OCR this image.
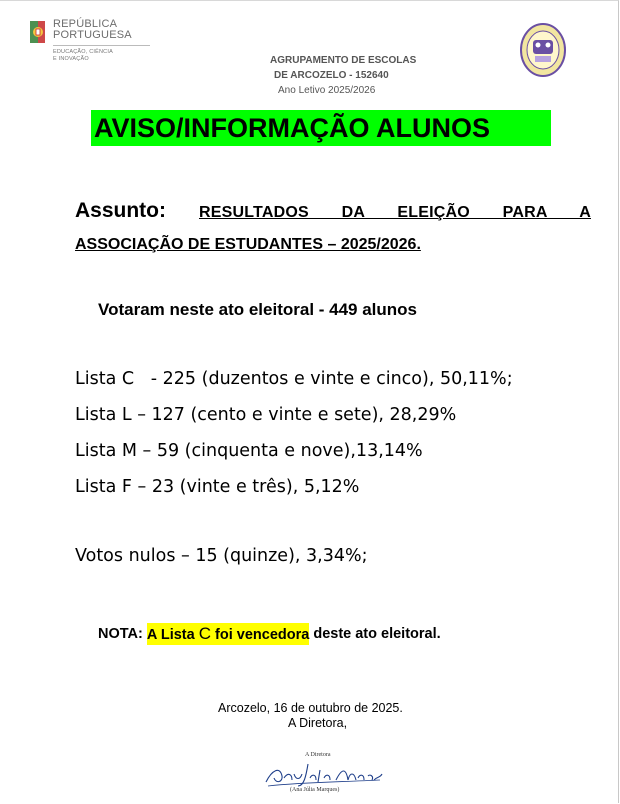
REPÚBLICA
PORTUGUESA
EDUCAÇÃO, CIÊNCIA
E INOVAÇÃO	AGRUPAMENTO DE ESCOLAS
DE ARCOZELO - 152640
Ano Letivo 2025/2026
AVISO/INFORMAÇÃO ALUNOS
Assunto: RESULTADOS DA ELEIÇÃO PARA A
ASSOCIAÇÃO DE ESTUDANTES – 2025/2026.
Votaram neste ato eleitoral - 449 alunos
Lista C   - 225 (duzentos e vinte e cinco), 50,11%;
Lista L – 127 (cento e vinte e sete), 28,29%
Lista M – 59 (cinquenta e nove),13,14%
Lista F – 23 (vinte e três), 5,12%
Votos nulos – 15 (quinze), 3,34%;
NOTA: A Lista C foi vencedora deste ato eleitoral.
Arcozelo, 16 de outubro de 2025.
A Diretora,
A Diretora
(Ana Júlia Marques)
